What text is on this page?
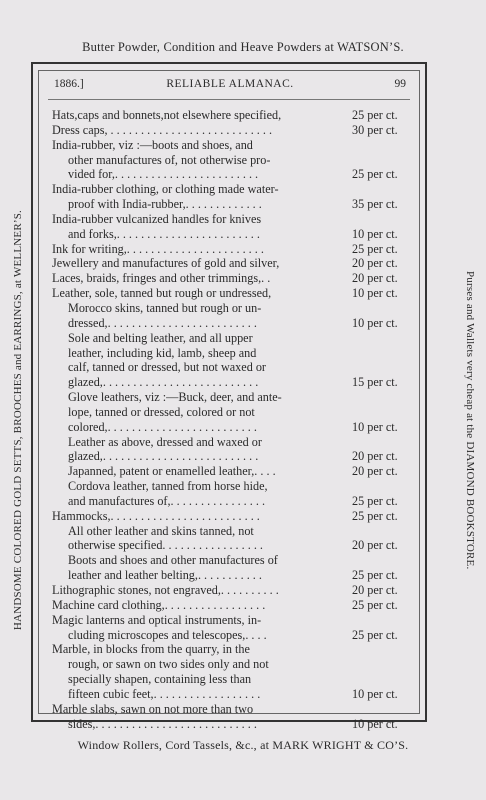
Butter Powder, Condition and Heave Powders at WATSON’S.
HANDSOME COLORED GOLD SETTS, BROOCHES and EARRINGS, at WELLNER’S.	Purses and Wallets very cheap at the DIAMOND BOOKSTORE.
1886.]	RELIABLE ALMANAC.	99
Hats,caps and bonnets,not elsewhere specified,	25 per ct.
Dress caps, . . . . . . . . . . . . . . . . . . . . . . . . . . .	30 per ct.
India-rubber, viz :—boots and shoes, and
other manufactures of, not otherwise pro-
vided for,. . . . . . . . . . . . . . . . . . . . . . . .	25 per ct.
India-rubber clothing, or clothing made water-
proof with India-rubber,. . . . . . . . . . . . .	35 per ct.
India-rubber vulcanized handles for knives
and forks,. . . . . . . . . . . . . . . . . . . . . . . .	10 per ct.
Ink for writing,. . . . . . . . . . . . . . . . . . . . . . .	25 per ct.
Jewellery and manufactures of gold and silver,	20 per ct.
Laces, braids, fringes and other trimmings,. .	20 per ct.
Leather, sole, tanned but rough or undressed,	10 per ct.
Morocco skins, tanned but rough or un-
dressed,. . . . . . . . . . . . . . . . . . . . . . . . .	10 per ct.
Sole and belting leather, and all upper
leather, including kid, lamb, sheep and
calf, tanned or dressed, but not waxed or
glazed,. . . . . . . . . . . . . . . . . . . . . . . . . .	15 per ct.
Glove leathers, viz :—Buck, deer, and ante-
lope, tanned or dressed, colored or not
colored,. . . . . . . . . . . . . . . . . . . . . . . . .	10 per ct.
Leather as above, dressed and waxed or
glazed,. . . . . . . . . . . . . . . . . . . . . . . . . .	20 per ct.
Japanned, patent or enamelled leather,. . . .	20 per ct.
Cordova leather, tanned from horse hide,
and manufactures of,. . . . . . . . . . . . . . . .	25 per ct.
Hammocks,. . . . . . . . . . . . . . . . . . . . . . . . .	25 per ct.
All other leather and skins tanned, not
otherwise specified. . . . . . . . . . . . . . . . .	20 per ct.
Boots and shoes and other manufactures of
leather and leather belting,. . . . . . . . . . .	25 per ct.
Lithographic stones, not engraved,. . . . . . . . . .	20 per ct.
Machine card clothing,. . . . . . . . . . . . . . . . .	25 per ct.
Magic lanterns and optical instruments, in-
cluding microscopes and telescopes,. . . .	25 per ct.
Marble, in blocks from the quarry, in the
rough, or sawn on two sides only and not
specially shapen, containing less than
fifteen cubic feet,. . . . . . . . . . . . . . . . . .	10 per ct.
Marble slabs, sawn on not more than two
sides,. . . . . . . . . . . . . . . . . . . . . . . . . . .	10 per ct.
Window Rollers, Cord Tassels, &c., at MARK WRIGHT & CO’S.
